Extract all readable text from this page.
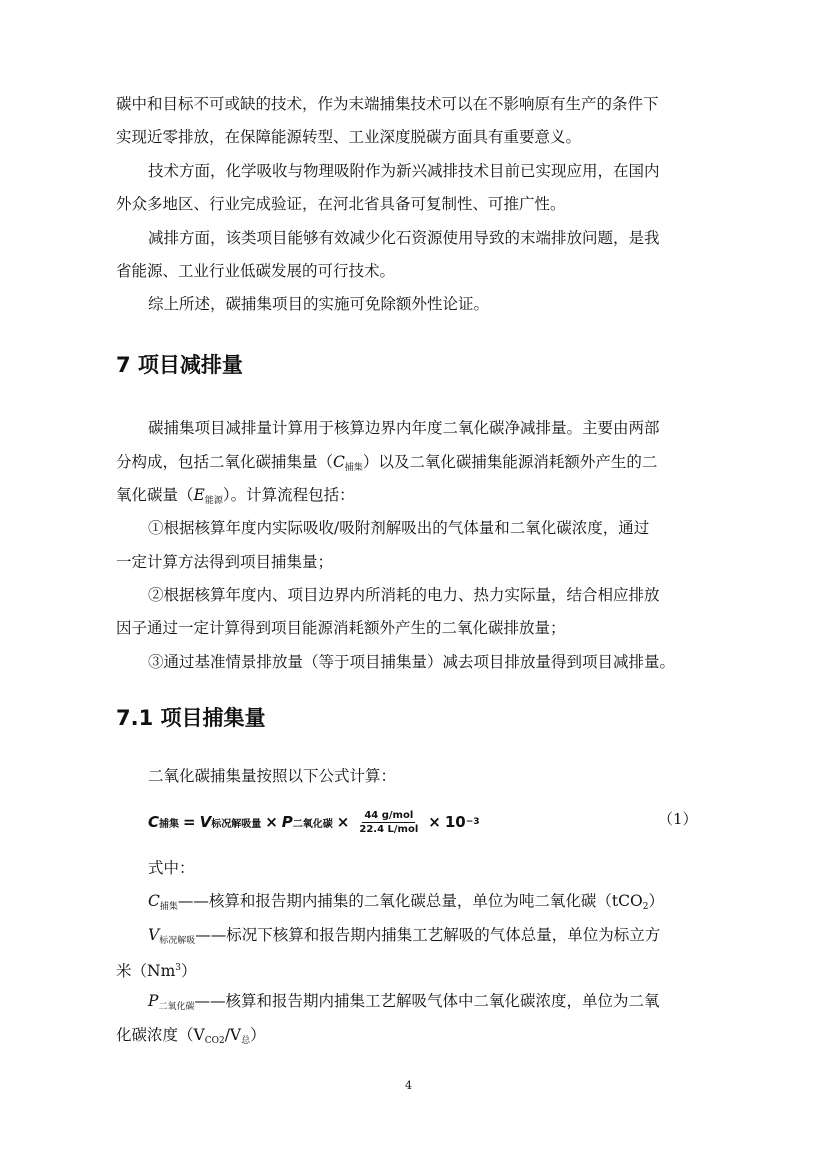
碳中和目标不可或缺的技术，作为末端捕集技术可以在不影响原有生产的条件下
实现近零排放，在保障能源转型、工业深度脱碳方面具有重要意义。
技术方面，化学吸收与物理吸附作为新兴减排技术目前已实现应用，在国内
外众多地区、行业完成验证，在河北省具备可复制性、可推广性。
减排方面，该类项目能够有效减少化石资源使用导致的末端排放问题，是我
省能源、工业行业低碳发展的可行技术。
综上所述，碳捕集项目的实施可免除额外性论证。
7 项目减排量
碳捕集项目减排量计算用于核算边界内年度二氧化碳净减排量。主要由两部
分构成，包括二氧化碳捕集量$(C_{捕集})$以及二氧化碳捕集能源消耗额外产生的二
氧化碳量$(E_{能源})$。计算流程包括：
①根据核算年度内实际吸收/吸附剂解吸出的气体量和二氧化碳浓度，通过
一定计算方法得到项目捕集量；
②根据核算年度内、项目边界内所消耗的电力、热力实际量，结合相应排放
因子通过一定计算得到项目能源消耗额外产生的二氧化碳排放量；
③通过基准情景排放量（等于项目捕集量）减去项目排放量得到项目减排量。
7.1 项目捕集量
二氧化碳捕集量按照以下公式计算：
C 捕集 = V 标况解吸量 × P 二氧化碳 × $\frac{\text{44 g/mol}}{\text{22.4 L/mol}} \times 10 -3$	（1）
式中：
$C_{捕集}——$核算和报告期内捕集的二氧化碳总量，单位为吨二氧化碳（tCO$_2$）
$V_{标况解吸}——$标况下核算和报告期内捕集工艺解吸的气体总量，单位为标立方
米（Nm$^3$）
$P_{二氧化碳}——$核算和报告期内捕集工艺解吸气体中二氧化碳浓度，单位为二氧
化碳浓度$(V_{CO2}/V_总)$
4
